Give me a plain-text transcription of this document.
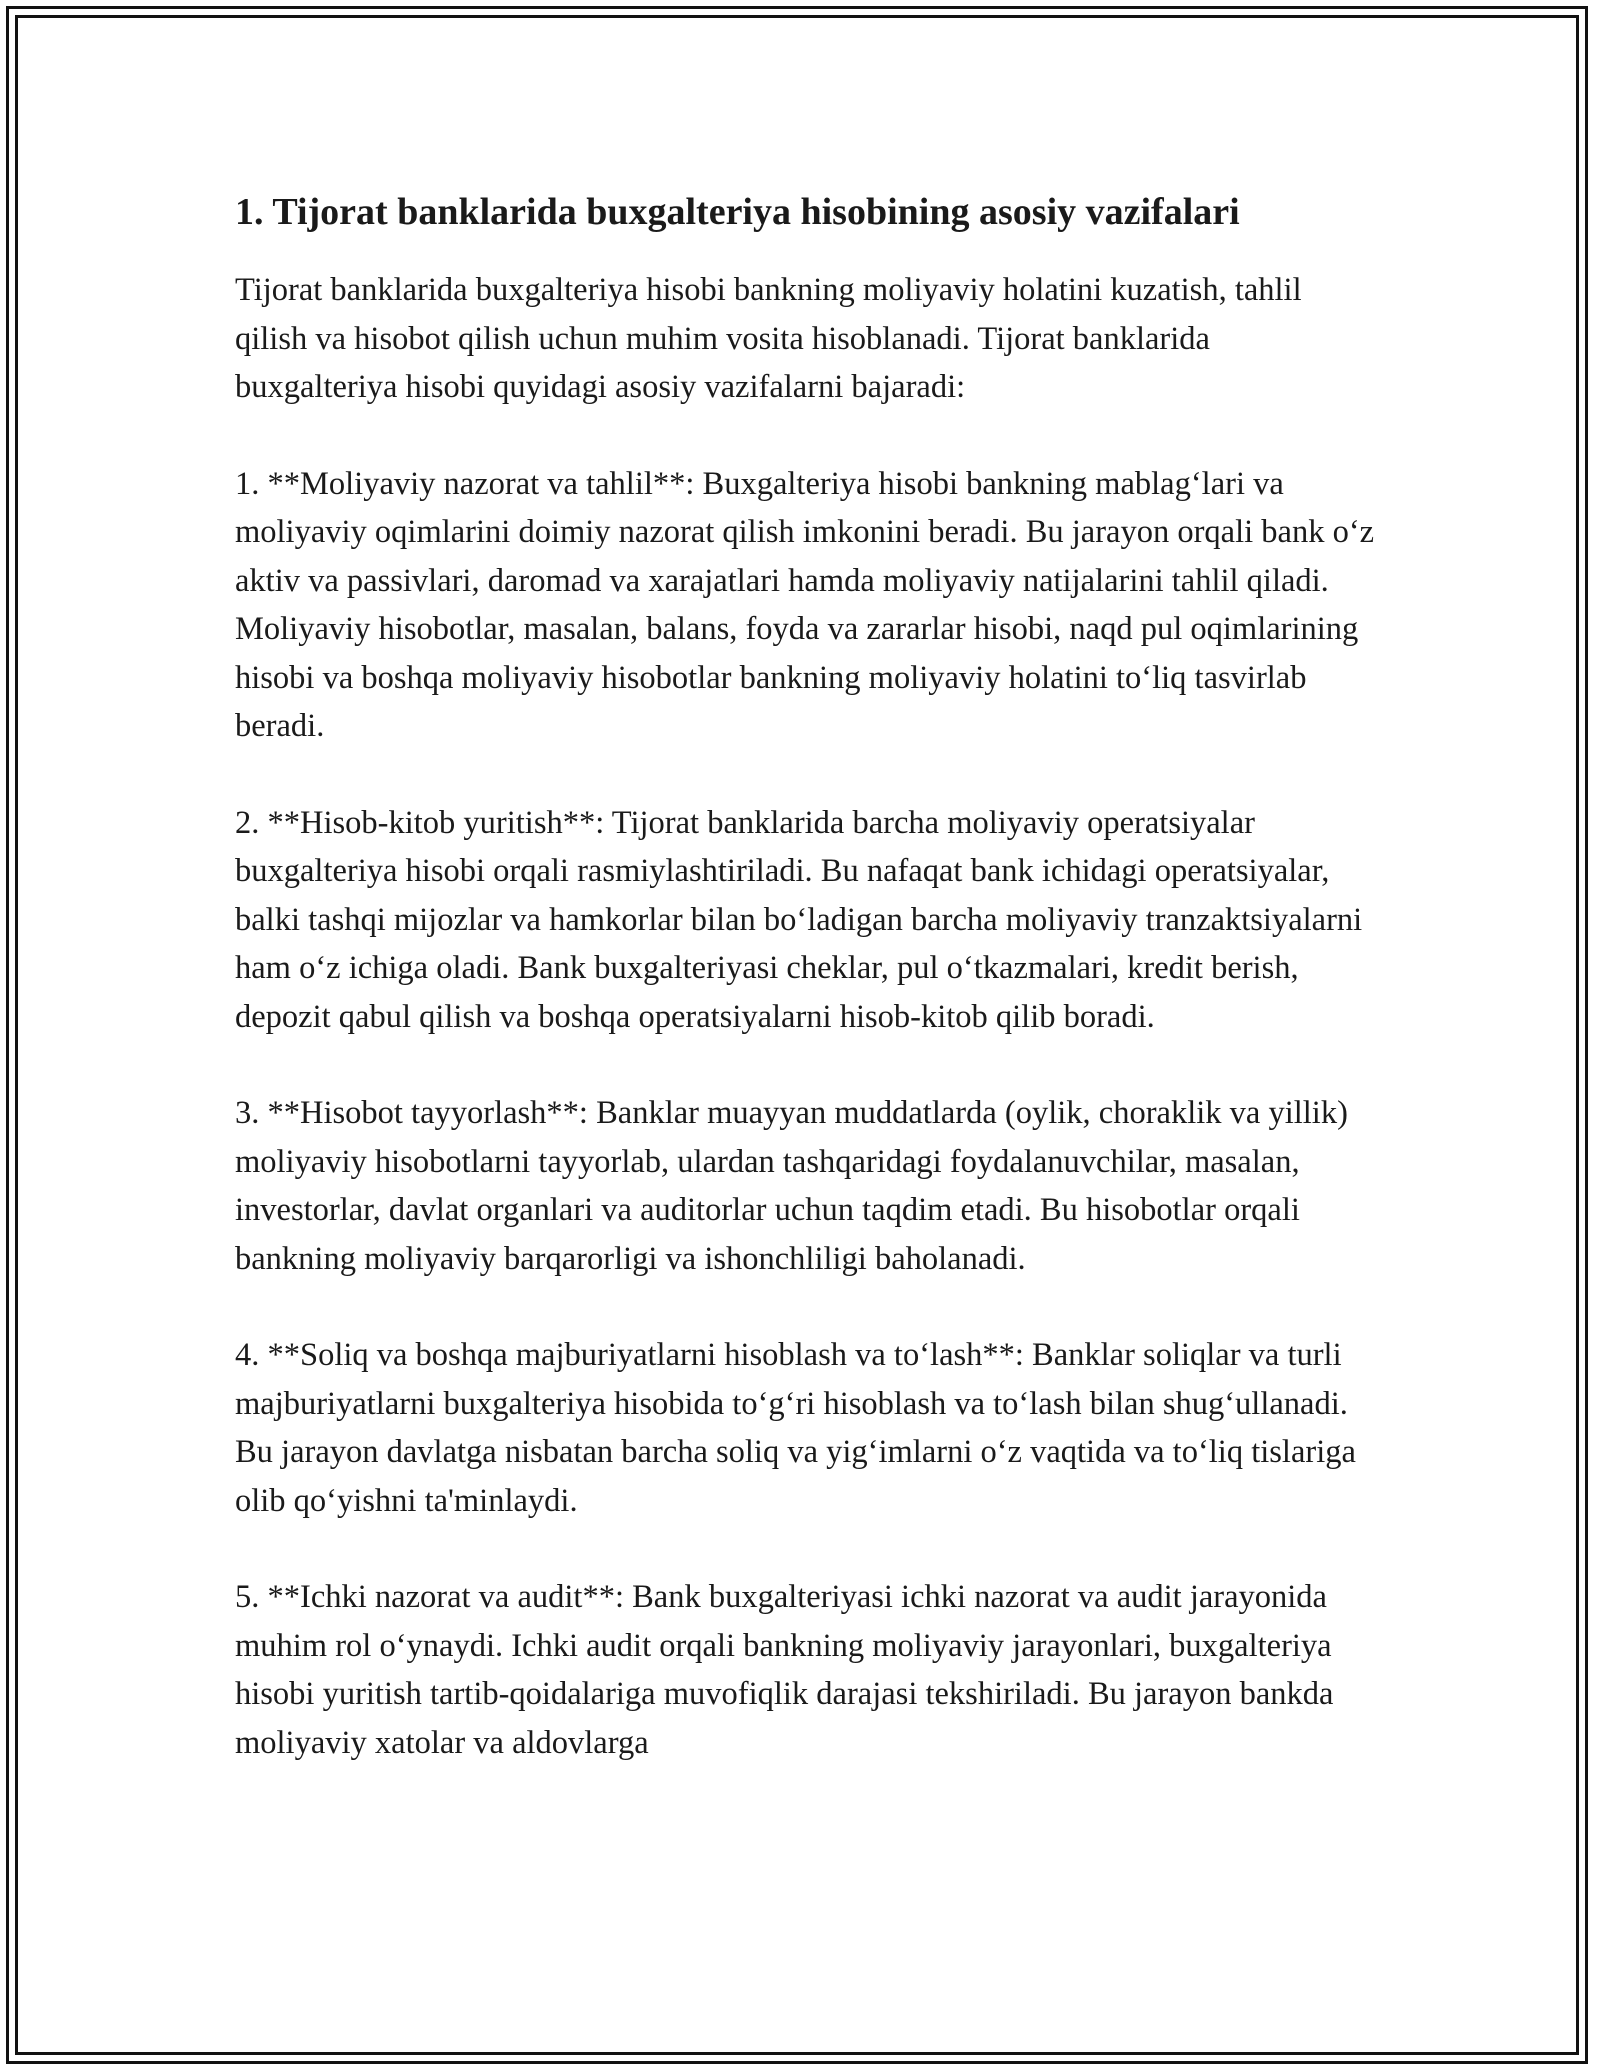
1. Tijorat banklarida buxgalteriya hisobining asosiy vazifalari

Tijorat banklarida buxgalteriya hisobi bankning moliyaviy holatini kuzatish, tahlil qilish va hisobot qilish uchun muhim vosita hisoblanadi. Tijorat banklarida buxgalteriya hisobi quyidagi asosiy vazifalarni bajaradi:

1. **Moliyaviy nazorat va tahlil**: Buxgalteriya hisobi bankning mablag‘lari va moliyaviy oqimlarini doimiy nazorat qilish imkonini beradi. Bu jarayon orqali bank o‘z aktiv va passivlari, daromad va xarajatlari hamda moliyaviy natijalarini tahlil qiladi. Moliyaviy hisobotlar, masalan, balans, foyda va zararlar hisobi, naqd pul oqimlarining hisobi va boshqa moliyaviy hisobotlar bankning moliyaviy holatini to‘liq tasvirlab beradi.

2. **Hisob-kitob yuritish**: Tijorat banklarida barcha moliyaviy operatsiyalar buxgalteriya hisobi orqali rasmiylashtiriladi. Bu nafaqat bank ichidagi operatsiyalar, balki tashqi mijozlar va hamkorlar bilan bo‘ladigan barcha moliyaviy tranzaktsiyalarni ham o‘z ichiga oladi. Bank buxgalteriyasi cheklar, pul o‘tkazmalari, kredit berish, depozit qabul qilish va boshqa operatsiyalarni hisob-kitob qilib boradi.

3. **Hisobot tayyorlash**: Banklar muayyan muddatlarda (oylik, choraklik va yillik) moliyaviy hisobotlarni tayyorlab, ulardan tashqaridagi foydalanuvchilar, masalan, investorlar, davlat organlari va auditorlar uchun taqdim etadi. Bu hisobotlar orqali bankning moliyaviy barqarorligi va ishonchliligi baholanadi.

4. **Soliq va boshqa majburiyatlarni hisoblash va to‘lash**: Banklar soliqlar va turli majburiyatlarni buxgalteriya hisobida to‘g‘ri hisoblash va to‘lash bilan shug‘ullanadi. Bu jarayon davlatga nisbatan barcha soliq va yig‘imlarni o‘z vaqtida va to‘liq tislariga olib qo‘yishni ta'minlaydi.

5. **Ichki nazorat va audit**: Bank buxgalteriyasi ichki nazorat va audit jarayonida muhim rol o‘ynaydi. Ichki audit orqali bankning moliyaviy jarayonlari, buxgalteriya hisobi yuritish tartib-qoidalariga muvofiqlik darajasi tekshiriladi. Bu jarayon bankda moliyaviy xatolar va aldovlarga
